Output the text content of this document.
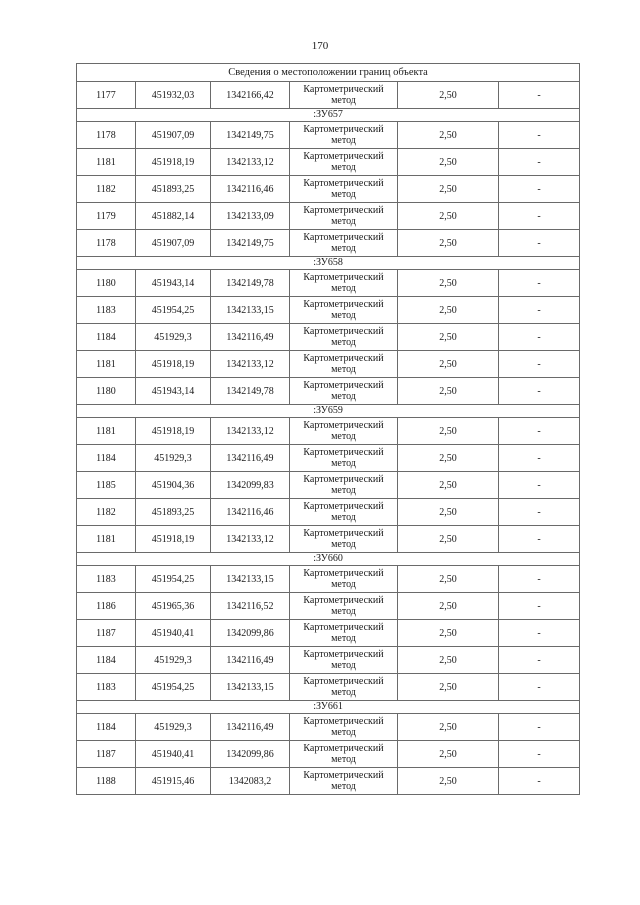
170
Сведения о местоположении границ объекта					
1177	451932,03	1342166,42	Картометрический
метод	2,50	-
:ЗУ657					
1178	451907,09	1342149,75	Картометрический
метод	2,50	-
1181	451918,19	1342133,12	Картометрический
метод	2,50	-
1182	451893,25	1342116,46	Картометрический
метод	2,50	-
1179	451882,14	1342133,09	Картометрический
метод	2,50	-
1178	451907,09	1342149,75	Картометрический
метод	2,50	-
:ЗУ658					
1180	451943,14	1342149,78	Картометрический
метод	2,50	-
1183	451954,25	1342133,15	Картометрический
метод	2,50	-
1184	451929,3	1342116,49	Картометрический
метод	2,50	-
1181	451918,19	1342133,12	Картометрический
метод	2,50	-
1180	451943,14	1342149,78	Картометрический
метод	2,50	-
:ЗУ659					
1181	451918,19	1342133,12	Картометрический
метод	2,50	-
1184	451929,3	1342116,49	Картометрический
метод	2,50	-
1185	451904,36	1342099,83	Картометрический
метод	2,50	-
1182	451893,25	1342116,46	Картометрический
метод	2,50	-
1181	451918,19	1342133,12	Картометрический
метод	2,50	-
:ЗУ660					
1183	451954,25	1342133,15	Картометрический
метод	2,50	-
1186	451965,36	1342116,52	Картометрический
метод	2,50	-
1187	451940,41	1342099,86	Картометрический
метод	2,50	-
1184	451929,3	1342116,49	Картометрический
метод	2,50	-
1183	451954,25	1342133,15	Картометрический
метод	2,50	-
:ЗУ661					
1184	451929,3	1342116,49	Картометрический
метод	2,50	-
1187	451940,41	1342099,86	Картометрический
метод	2,50	-
1188	451915,46	1342083,2	Картометрический
метод	2,50	-
